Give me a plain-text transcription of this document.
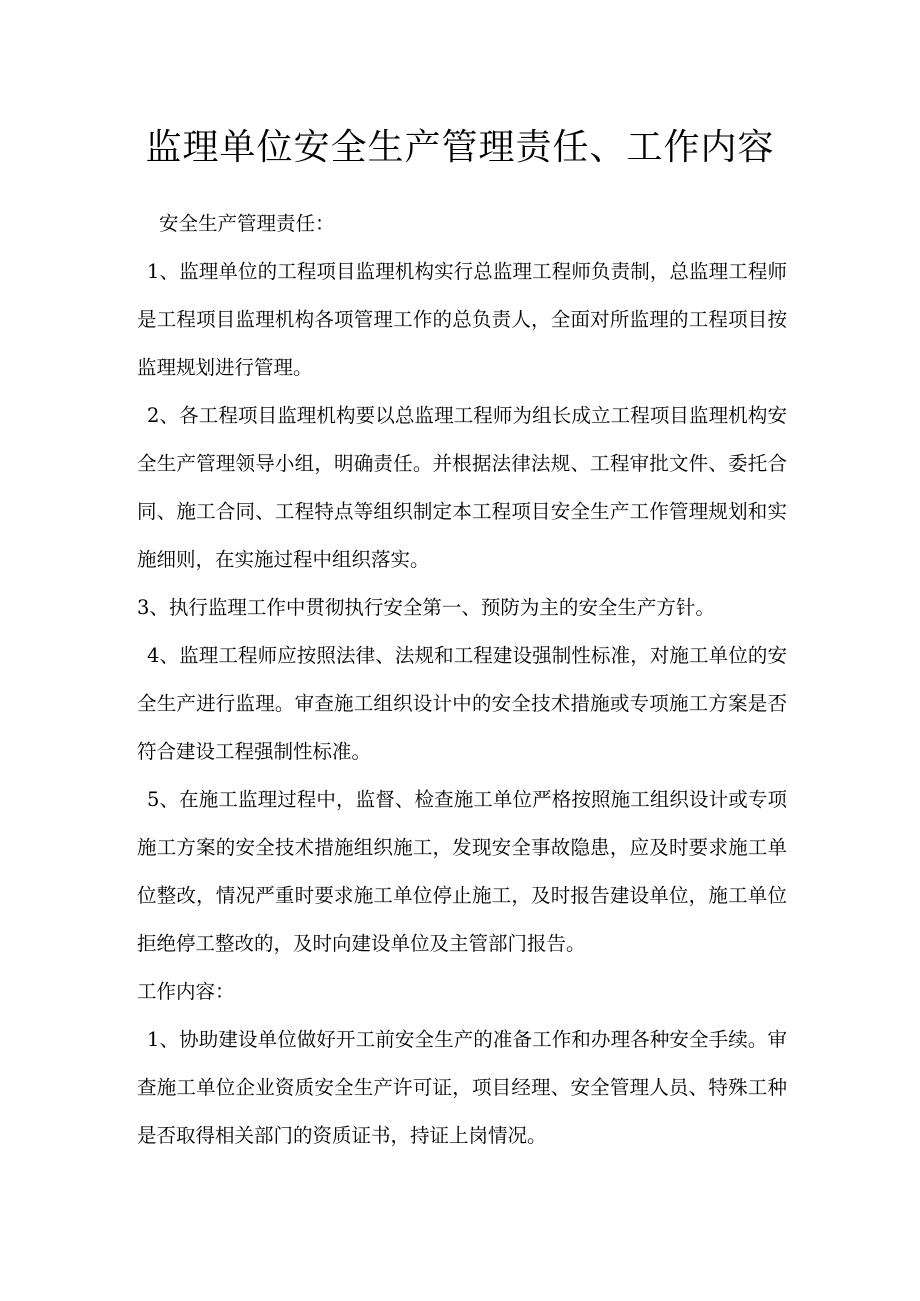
监理单位安全生产管理责任、工作内容

安全生产管理责任：

1、监理单位的工程项目监理机构实行总监理工程师负责制，总监理工程师是工程项目监理机构各项管理工作的总负责人，全面对所监理的工程项目按监理规划进行管理。

2、各工程项目监理机构要以总监理工程师为组长成立工程项目监理机构安全生产管理领导小组，明确责任。并根据法律法规、工程审批文件、委托合同、施工合同、工程特点等组织制定本工程项目安全生产工作管理规划和实施细则，在实施过程中组织落实。

3、执行监理工作中贯彻执行安全第一、预防为主的安全生产方针。

4、监理工程师应按照法律、法规和工程建设强制性标准，对施工单位的安全生产进行监理。审查施工组织设计中的安全技术措施或专项施工方案是否符合建设工程强制性标准。

5、在施工监理过程中，监督、检查施工单位严格按照施工组织设计或专项施工方案的安全技术措施组织施工，发现安全事故隐患，应及时要求施工单位整改，情况严重时要求施工单位停止施工，及时报告建设单位，施工单位拒绝停工整改的，及时向建设单位及主管部门报告。

工作内容：

1、协助建设单位做好开工前安全生产的准备工作和办理各种安全手续。审查施工单位企业资质安全生产许可证，项目经理、安全管理人员、特殊工种是否取得相关部门的资质证书，持证上岗情况。
